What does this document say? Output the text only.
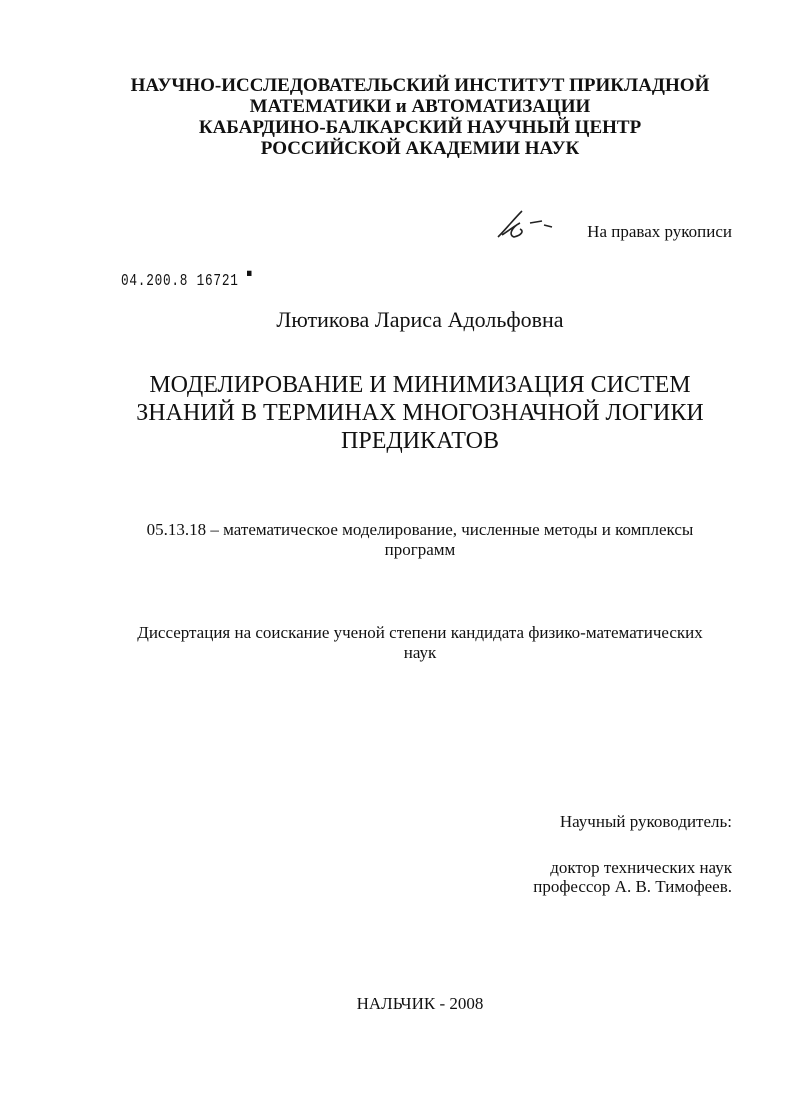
НАУЧНО-ИССЛЕДОВАТЕЛЬСКИЙ ИНСТИТУТ ПРИКЛАДНОЙ
МАТЕМАТИКИ и АВТОМАТИЗАЦИИ
КАБАРДИНО-БАЛКАРСКИЙ НАУЧНЫЙ ЦЕНТР
РОССИЙСКОЙ АКАДЕМИИ НАУК
На правах рукописи
04.200.8 16721 ▀
Лютикова Лариса Адольфовна
МОДЕЛИРОВАНИЕ И МИНИМИЗАЦИЯ СИСТЕМ
ЗНАНИЙ В ТЕРМИНАХ МНОГОЗНАЧНОЙ ЛОГИКИ
ПРЕДИКАТОВ
05.13.18 – математическое моделирование, численные методы и комплексы
программ
Диссертация на соискание ученой степени кандидата физико-математических
наук
Научный руководитель:
доктор технических наук
профессор А. В. Тимофеев.
НАЛЬЧИК - 2008
